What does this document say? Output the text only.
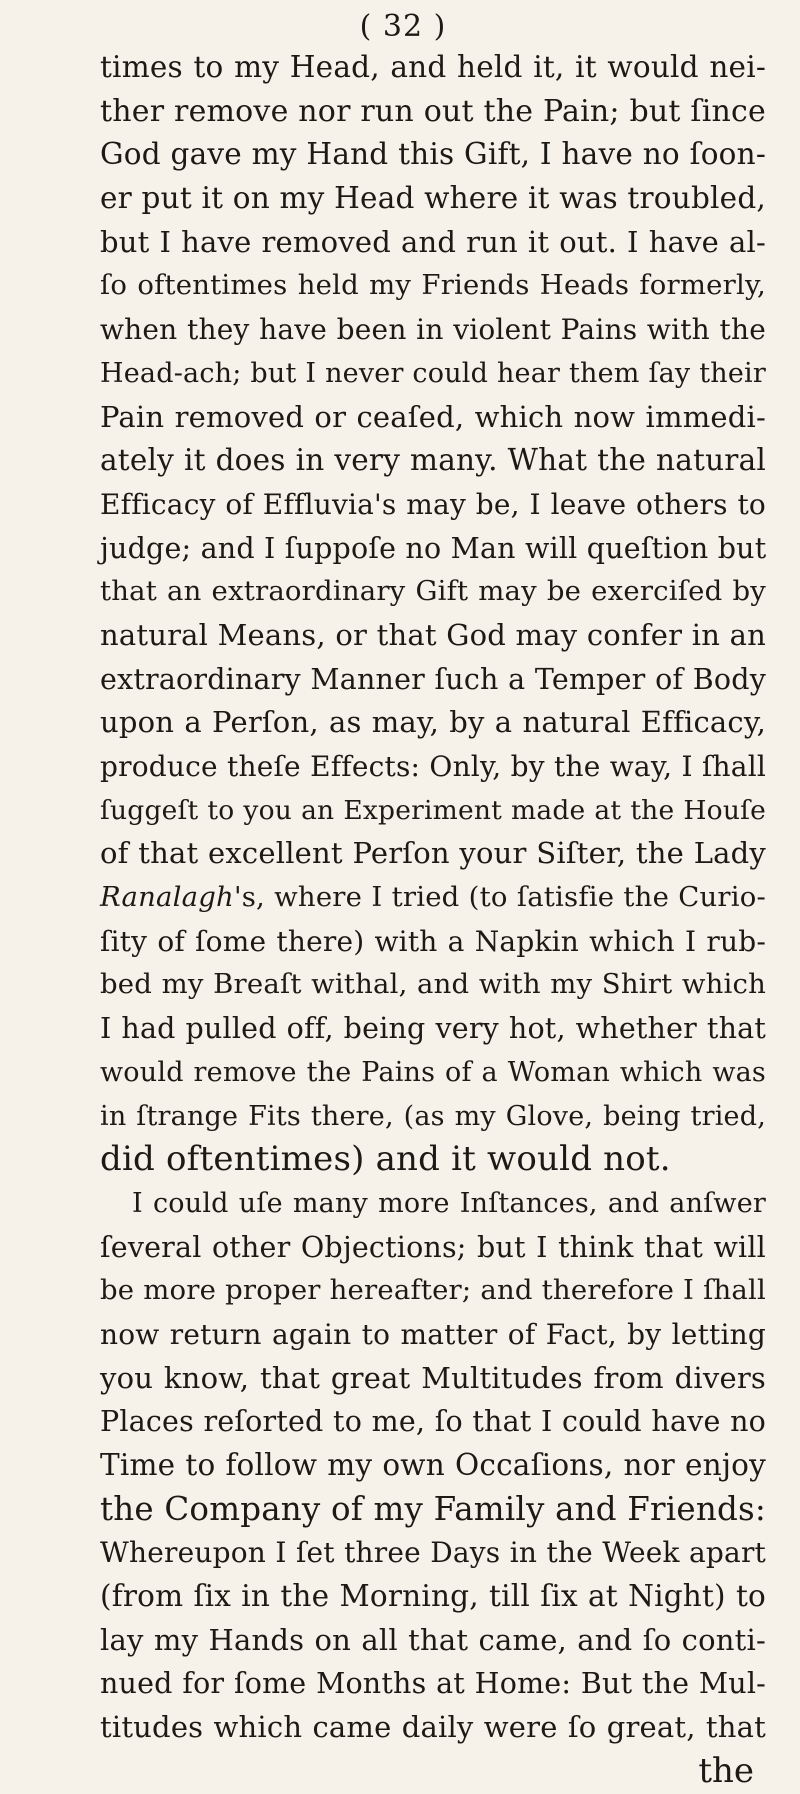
( 32 )
times to my Head, and held it, it would nei-
ther remove nor run out the Pain; but ſince
God gave my Hand this Gift, I have no ſoon-
er put it on my Head where it was troubled,
but I have removed and run it out. I have al-
ſo oftentimes held my Friends Heads formerly,
when they have been in violent Pains with the
Head-ach; but I never could hear them ſay their
Pain removed or ceaſed, which now immedi-
ately it does in very many. What the natural
Efficacy of Effluvia's may be, I leave others to
judge; and I ſuppoſe no Man will queſtion but
that an extraordinary Gift may be exerciſed by
natural Means, or that God may confer in an
extraordinary Manner ſuch a Temper of Body
upon a Perſon, as may, by a natural Efficacy,
produce theſe Effects: Only, by the way, I ſhall
ſuggeſt to you an Experiment made at the Houſe
of that excellent Perſon your Siſter, the Lady
Ranalagh's, where I tried (to ſatisfie the Curio-
ſity of ſome there) with a Napkin which I rub-
bed my Breaſt withal, and with my Shirt which
I had pulled off, being very hot, whether that
would remove the Pains of a Woman which was
in ſtrange Fits there, (as my Glove, being tried,
did oftentimes) and it would not.
I could uſe many more Inſtances, and anſwer
ſeveral other Objections; but I think that will
be more proper hereafter; and therefore I ſhall
now return again to matter of Fact, by letting
you know, that great Multitudes from divers
Places reſorted to me, ſo that I could have no
Time to follow my own Occaſions, nor enjoy
the Company of my Family and Friends:
Whereupon I ſet three Days in the Week apart
(from ſix in the Morning, till ſix at Night) to
lay my Hands on all that came, and ſo conti-
nued for ſome Months at Home: But the Mul-
titudes which came daily were ſo great, that
the
